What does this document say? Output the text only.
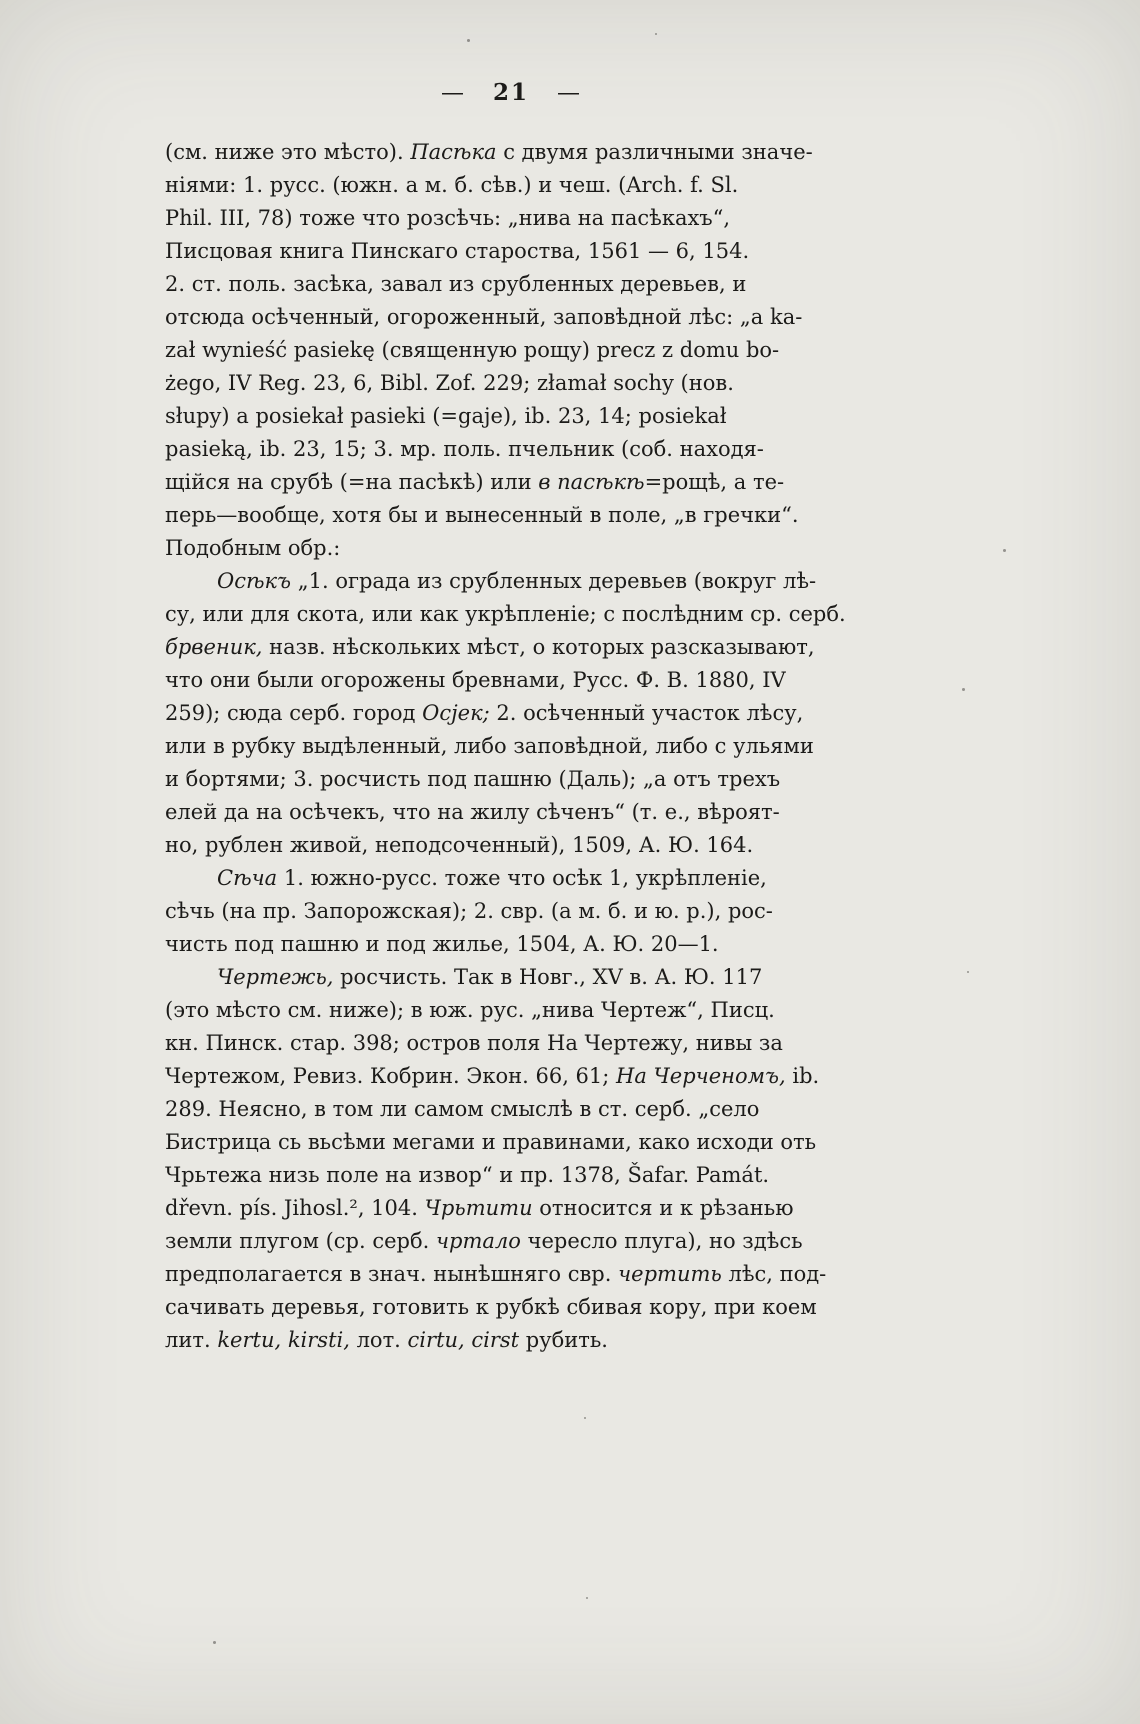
— 21 —
(см. ниже это мѣсто). Пасѣка с двумя различными значе-
ніями: 1. русс. (южн. а м. б. сѣв.) и чеш. (Arch. f. Sl.
Phil. III, 78) тоже что розсѣчь: „нива на пасѣкахъ“,
Писцовая книга Пинскаго староства, 1561 — 6, 154.
2. ст. поль. засѣка, завал из срубленных деревьев, и
отсюда осѣченный, огороженный, заповѣдной лѣс: „a ka-
zał wynieść pasiekę (священную рощу) precz z domu bo-
żego, IV Reg. 23, 6, Bibl. Zof. 229; złamał sochy (нов.
słupy) a posiekał pasieki (=gaje), ib. 23, 14; posiekał
pasieką, ib. 23, 15; 3. мр. поль. пчельник (соб. находя-
щійся на срубѣ (=на пасѣкѣ) или в пасѣкѣ=рощѣ, а те-
перь—вообще, хотя бы и вынесенный в поле, „в гречки“.
Подобным обр.:
Осѣкъ „1. ограда из срубленных деревьев (вокруг лѣ-
су, или для скота, или как укрѣпленіе; с послѣдним ср. серб.
брвеник, назв. нѣскольких мѣст, о которых разсказывают,
что они были огорожены бревнами, Русс. Ф. В. 1880, IV
259); сюда серб. город Осjек; 2. осѣченный участок лѣсу,
или в рубку выдѣленный, либо заповѣдной, либо с ульями
и бортями; 3. росчисть под пашню (Даль); „а отъ трехъ
елей да на осѣчекъ, что на жилу сѣченъ“ (т. е., вѣроят-
но, рублен живой, неподсоченный), 1509, А. Ю. 164.
Сѣча 1. южно-русс. тоже что осѣк 1, укрѣпленіе,
сѣчь (на пр. Запорожская); 2. свр. (а м. б. и ю. р.), рос-
чисть под пашню и под жилье, 1504, А. Ю. 20—1.
Чертежь, росчисть. Так в Новг., XV в. А. Ю. 117
(это мѣсто см. ниже); в юж. рус. „нива Чертеж“, Писц.
кн. Пинск. стар. 398; остров поля На Чертежу, нивы за
Чертежом, Ревиз. Кобрин. Экон. 66, 61; На Черченомъ, ib.
289. Неясно, в том ли самом смыслѣ в ст. серб. „село
Бистрица сь вьсѣми мегами и правинами, како исходи оть
Чрьтежа низь поле на извор“ и пр. 1378, Šafar. Památ.
dřevn. pís. Jihosl.², 104. Чрьтити относится и к рѣзанью
земли плугом (ср. серб. чртало чересло плуга), но здѣсь
предполагается в знач. нынѣшняго свр. чертить лѣс, под-
сачивать деревья, готовить к рубкѣ сбивая кору, при коем
лит. kertu, kirsti, лот. cirtu, cirst рубить.
